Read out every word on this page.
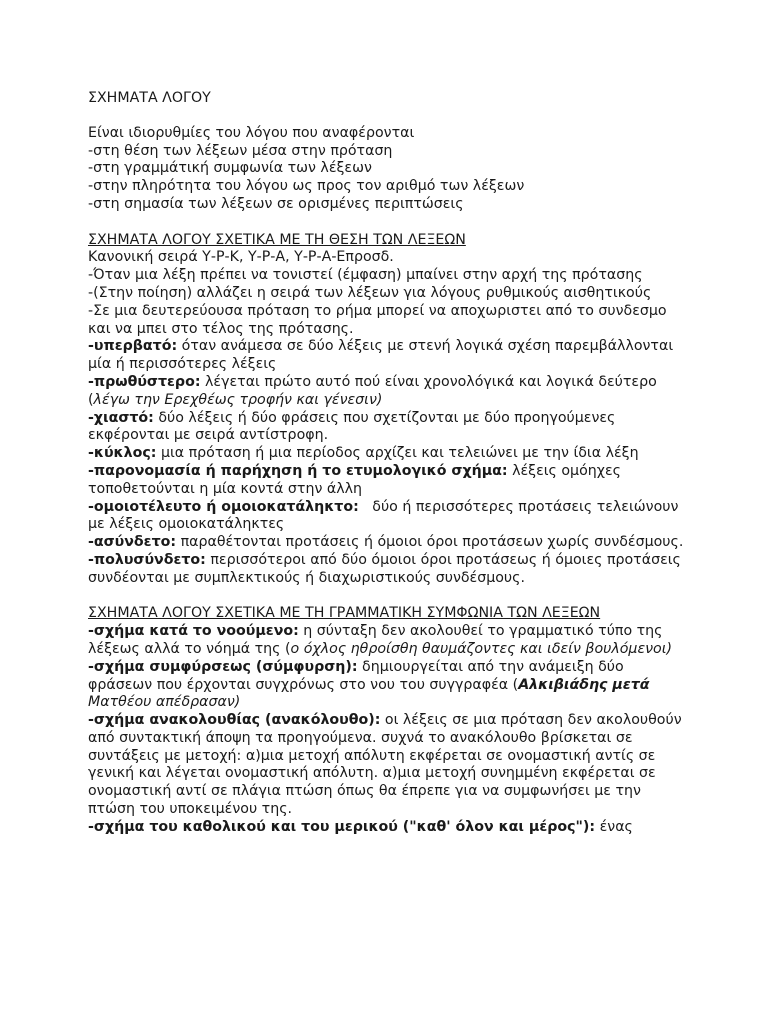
ΣΧΗΜΑΤΑ ΛΟΓΟΥ

Είναι ιδιορυθμίες του λόγου που αναφέρονται

-στη θέση των λέξεων μέσα στην πρόταση

-στη γραμμάτική συμφωνία των λέξεων

-στην πληρότητα του λόγου ως προς τον αριθμό των λέξεων

-στη σημασία των λέξεων σε ορισμένες περιπτώσεις

ΣΧΗΜΑΤΑ ΛΟΓΟΥ ΣΧΕΤΙΚΑ ΜΕ ΤΗ ΘΕΣΗ ΤΩΝ ΛΕΞΕΩΝ

Κανονική σειρά Υ-Ρ-Κ, Υ-Ρ-Α, Υ-Ρ-Α-Επροσδ.

-Όταν μια λέξη πρέπει να τονιστεί (έμφαση) μπαίνει στην αρχή της πρότασης

-(Στην ποίηση) αλλάζει η σειρά των λέξεων για λόγους ρυθμικούς αισθητικούς

-Σε μια δευτερεύουσα πρόταση το ρήμα μπορεί να αποχωριστει από το συνδεσμο και να μπει στο τέλος της πρότασης.

-υπερβατό: όταν ανάμεσα σε δύο λέξεις με στενή λογικά σχέση παρεμβάλλονται μία ή περισσότερες λέξεις

-πρωθύστερο: λέγεται πρώτο αυτό πού είναι χρονολόγικά και λογικά δεύτερο (λέγω την Ερεχθέως τροφήν και γένεσιν)

-χιαστό: δύο λέξεις ή δύο φράσεις που σχετίζονται με δύο προηγούμενες εκφέρονται με σειρά αντίστροφη.

-κύκλος: μια πρόταση ή μια περίοδος αρχίζει και τελειώνει με την ίδια λέξη

-παρονομασία ή παρήχηση ή το ετυμολογικό σχήμα: λέξεις ομόηχες τοποθετούνται η μία κοντά στην άλλη

-ομοιοτέλευτο ή ομοιοκατάληκτο:   δύο ή περισσότερες προτάσεις τελειώνουν με λέξεις ομοιοκατάληκτες

-ασύνδετο: παραθέτονται προτάσεις ή όμοιοι όροι προτάσεων χωρίς συνδέσμους.

-πολυσύνδετο: περισσότεροι από δύο όμοιοι όροι προτάσεως ή όμοιες προτάσεις συνδέονται με συμπλεκτικούς ή διαχωριστικούς συνδέσμους.

ΣΧΗΜΑΤΑ ΛΟΓΟΥ ΣΧΕΤΙΚΑ ΜΕ ΤΗ ΓΡΑΜΜΑΤΙΚΗ ΣΥΜΦΩΝΙΑ ΤΩΝ ΛΕΞΕΩΝ

-σχήμα κατά το νοούμενο: η σύνταξη δεν ακολουθεί το γραμματικό τύπο της λέξεως αλλά το νόημά της (ο όχλος ηθροίσθη θαυμάζοντες και ιδείν βουλόμενοι)

-σχήμα συμφύρσεως (σύμφυρση): δημιουργείται από την ανάμειξη δύο φράσεων που έρχονται συγχρόνως στο νου του συγγραφέα (Αλκιβιάδης μετά Ματθέου απέδρασαν)

-σχήμα ανακολουθίας (ανακόλουθο): οι λέξεις σε μια πρόταση δεν ακολουθούν από συντακτική άποψη τα προηγούμενα. συχνά το ανακόλουθο βρίσκεται σε συντάξεις με μετοχή: α)μια μετοχή απόλυτη εκφέρεται σε ονομαστική αντίς σε γενική και λέγεται ονομαστική απόλυτη. α)μια μετοχή συνημμένη εκφέρεται σε ονομαστική αντί σε πλάγια πτώση όπως θα έπρεπε για να συμφωνήσει με την πτώση του υποκειμένου της.

-σχήμα του καθολικού και του μερικού ("καθ' όλον και μέρος"): ένας
